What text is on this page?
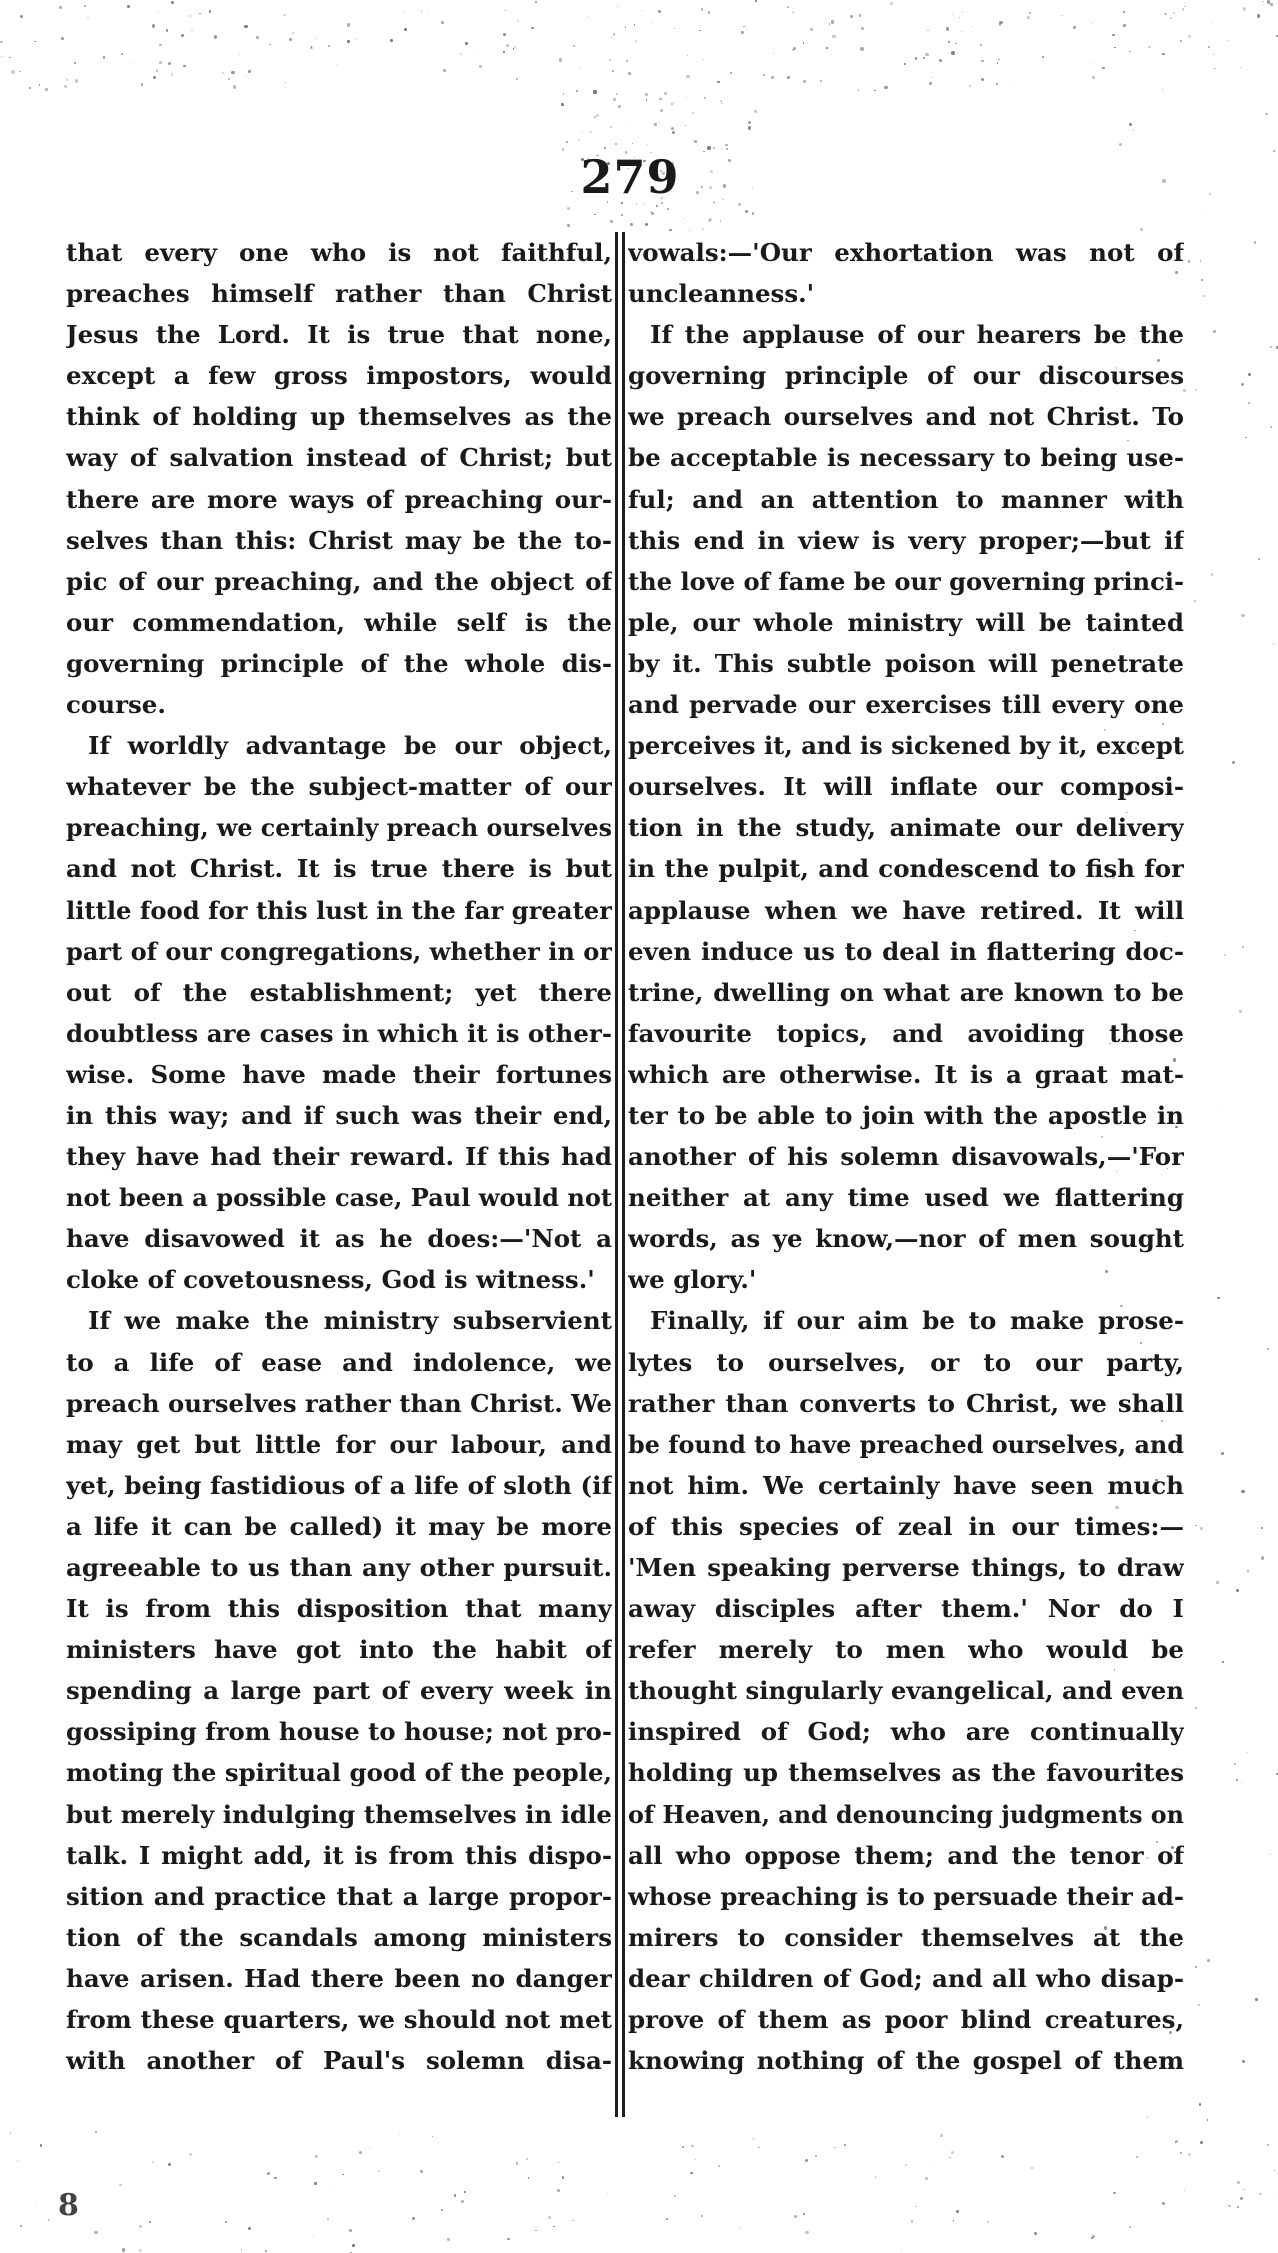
279
that every one who is not faithful,
preaches himself rather than Christ
Jesus the Lord. It is true that none,
except a few gross impostors, would
think of holding up themselves as the
way of salvation instead of Christ; but
there are more ways of preaching our-
selves than this: Christ may be the to-
pic of our preaching, and the object of
our commendation, while self is the
governing principle of the whole dis-
course.
If worldly advantage be our object,
whatever be the subject-matter of our
preaching, we certainly preach ourselves
and not Christ. It is true there is but
little food for this lust in the far greater
part of our congregations, whether in or
out of the establishment; yet there
doubtless are cases in which it is other-
wise. Some have made their fortunes
in this way; and if such was their end,
they have had their reward. If this had
not been a possible case, Paul would not
have disavowed it as he does:—'Not a
cloke of covetousness, God is witness.'
If we make the ministry subservient
to a life of ease and indolence, we
preach ourselves rather than Christ. We
may get but little for our labour, and
yet, being fastidious of a life of sloth (if
a life it can be called) it may be more
agreeable to us than any other pursuit.
It is from this disposition that many
ministers have got into the habit of
spending a large part of every week in
gossiping from house to house; not pro-
moting the spiritual good of the people,
but merely indulging themselves in idle
talk. I might add, it is from this dispo-
sition and practice that a large propor-
tion of the scandals among ministers
have arisen. Had there been no danger
from these quarters, we should not met
with another of Paul's solemn disa-
vowals:—'Our exhortation was not of
uncleanness.'
If the applause of our hearers be the
governing principle of our discourses
we preach ourselves and not Christ. To
be acceptable is necessary to being use-
ful; and an attention to manner with
this end in view is very proper;—but if
the love of fame be our governing princi-
ple, our whole ministry will be tainted
by it. This subtle poison will penetrate
and pervade our exercises till every one
perceives it, and is sickened by it, except
ourselves. It will inflate our composi-
tion in the study, animate our delivery
in the pulpit, and condescend to fish for
applause when we have retired. It will
even induce us to deal in flattering doc-
trine, dwelling on what are known to be
favourite topics, and avoiding those
which are otherwise. It is a graat mat-
ter to be able to join with the apostle in
another of his solemn disavowals,—'For
neither at any time used we flattering
words, as ye know,—nor of men sought
we glory.'
Finally, if our aim be to make prose-
lytes to ourselves, or to our party,
rather than converts to Christ, we shall
be found to have preached ourselves, and
not him. We certainly have seen much
of this species of zeal in our times:—
'Men speaking perverse things, to draw
away disciples after them.' Nor do I
refer merely to men who would be
thought singularly evangelical, and even
inspired of God; who are continually
holding up themselves as the favourites
of Heaven, and denouncing judgments on
all who oppose them; and the tenor of
whose preaching is to persuade their ad-
mirers to consider themselves at the
dear children of God; and all who disap-
prove of them as poor blind creatures,
knowing nothing of the gospel of them
8
